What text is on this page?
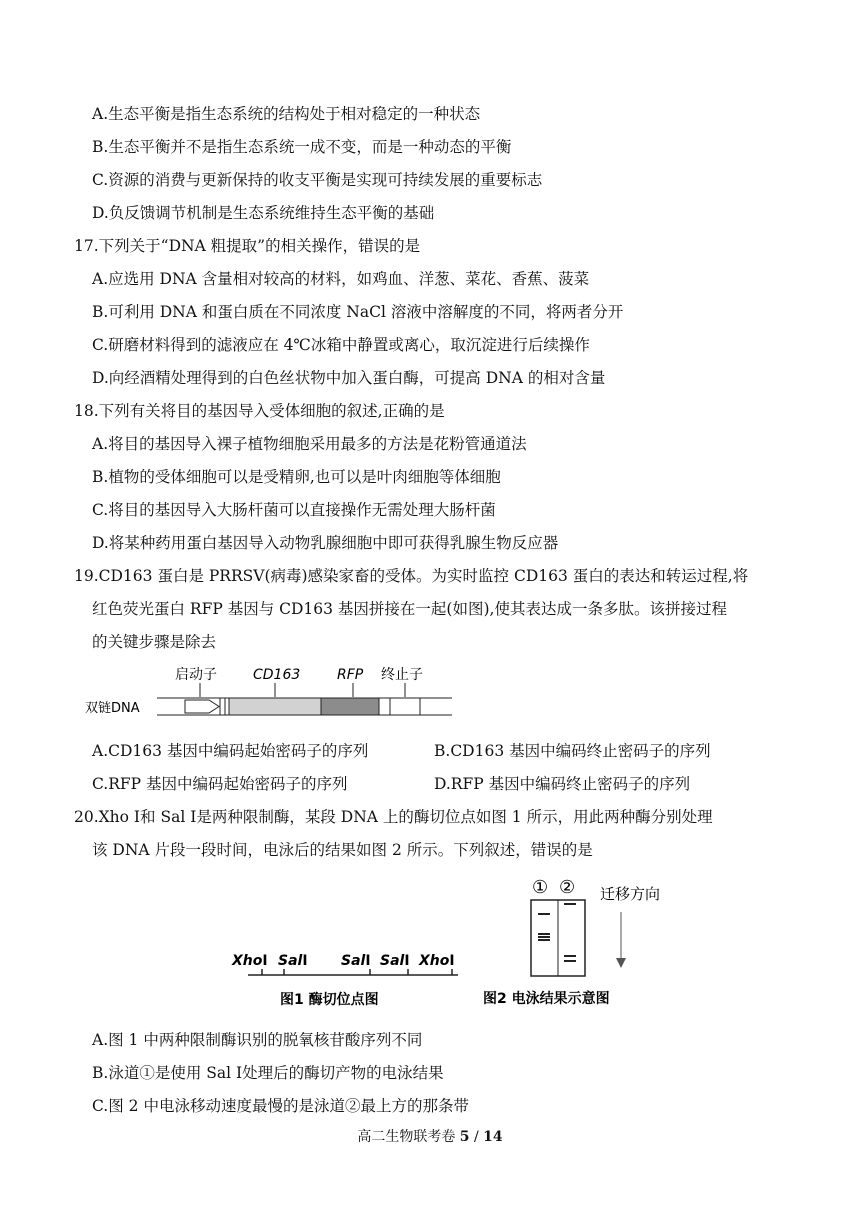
A.生态平衡是指生态系统的结构处于相对稳定的一种状态
B.生态平衡并不是指生态系统一成不变，而是一种动态的平衡
C.资源的消费与更新保持的收支平衡是实现可持续发展的重要标志
D.负反馈调节机制是生态系统维持生态平衡的基础
17.下列关于“DNA 粗提取”的相关操作，错误的是
A.应选用 DNA 含量相对较高的材料，如鸡血、洋葱、菜花、香蕉、菠菜
B.可利用 DNA 和蛋白质在不同浓度 NaCl 溶液中溶解度的不同，将两者分开
C.研磨材料得到的滤液应在 4℃冰箱中静置或离心，取沉淀进行后续操作
D.向经酒精处理得到的白色丝状物中加入蛋白酶，可提高 DNA 的相对含量
18.下列有关将目的基因导入受体细胞的叙述,正确的是
A.将目的基因导入裸子植物细胞采用最多的方法是花粉管通道法
B.植物的受体细胞可以是受精卵,也可以是叶肉细胞等体细胞
C.将目的基因导入大肠杆菌可以直接操作无需处理大肠杆菌
D.将某种药用蛋白基因导入动物乳腺细胞中即可获得乳腺生物反应器
19.CD163 蛋白是 PRRSV(病毒)感染家畜的受体。为实时监控 CD163 蛋白的表达和转运过程,将
红色荧光蛋白 RFP 基因与 CD163 基因拼接在一起(如图),使其表达成一条多肽。该拼接过程
的关键步骤是除去
启动子	CD163	RFP 终止子
双链DNA
A.CD163 基因中编码起始密码子的序列	B.CD163 基因中编码终止密码子的序列
C.RFP 基因中编码起始密码子的序列	D.RFP 基因中编码终止密码子的序列
20.Xho Ⅰ和 Sal Ⅰ是两种限制酶，某段 DNA 上的酶切位点如图 1 所示，用此两种酶分别处理
该 DNA 片段一段时间，电泳后的结果如图 2 所示。下列叙述，错误的是
XhoⅠ SalⅠ SalⅠ SalⅠ XhoⅠ
图1 酶切位点图
① ② 迁移方向
图2 电泳结果示意图
A.图 1 中两种限制酶识别的脱氧核苷酸序列不同
B.泳道①是使用 Sal Ⅰ处理后的酶切产物的电泳结果
C.图 2 中电泳移动速度最慢的是泳道②最上方的那条带
高二生物联考卷 5 / 14
